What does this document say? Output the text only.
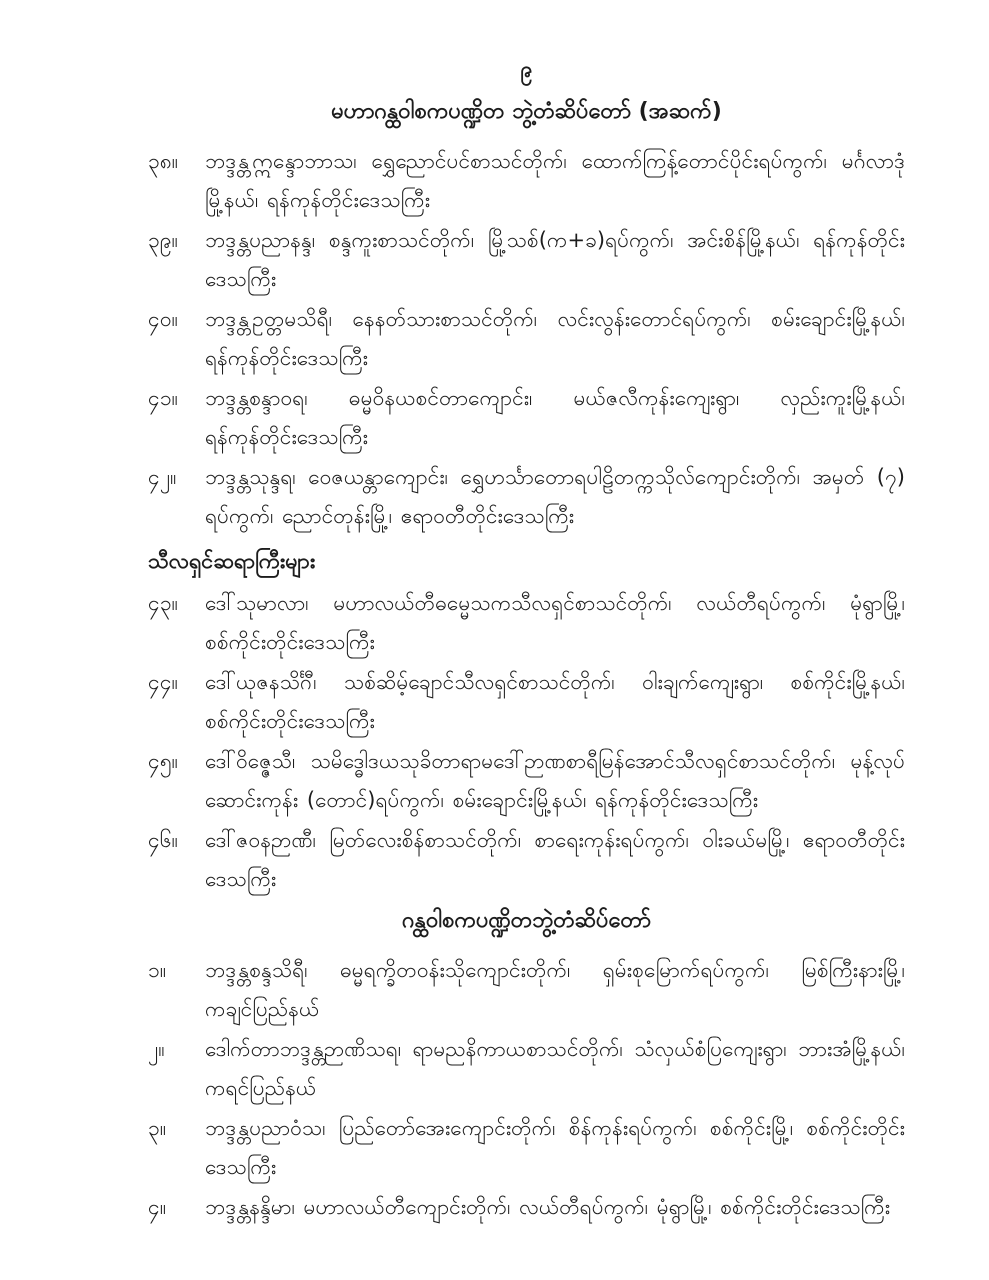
၉
မဟာဂန္ထဝါစကပဏ္ဍိတ ဘွဲ့တံဆိပ်တော် (အဆက်)
၃၈။	ဘဒ္ဒန္တဣန္ဒောဘာသ၊ ရွှေညောင်ပင်စာသင်တိုက်၊ ထောက်ကြန့်တောင်ပိုင်းရပ်ကွက်၊ မင်္ဂလာဒုံမြို့နယ်၊ ရန်ကုန်တိုင်းဒေသကြီး
၃၉။	ဘဒ္ဒန္တပညာနန္ဒ၊ စန္ဒကူးစာသင်တိုက်၊ မြို့သစ်(က+ခ)ရပ်ကွက်၊ အင်းစိန်မြို့နယ်၊ ရန်ကုန်တိုင်းဒေသကြီး
၄၀။	ဘဒ္ဒန္တဥတ္တမသိရီ၊ နေနတ်သားစာသင်တိုက်၊ လင်းလွန်းတောင်ရပ်ကွက်၊ စမ်းချောင်းမြို့နယ်၊ ရန်ကုန်တိုင်းဒေသကြီး
၄၁။	ဘဒ္ဒန္တစန္ဒာဝရ၊ ဓမ္မဝိနယစင်တာကျောင်း၊ မယ်ဇလီကုန်းကျေးရွာ၊ လှည်းကူးမြို့နယ်၊ ရန်ကုန်တိုင်းဒေသကြီး
၄၂။	ဘဒ္ဒန္တသုန္ဒရ၊ ဝေဇယန္တာကျောင်း၊ ရွှေဟင်္သာတောရပါဠိတက္ကသိုလ်ကျောင်းတိုက်၊ အမှတ် (၇) ရပ်ကွက်၊ ညောင်တုန်းမြို့၊ ဧရာဝတီတိုင်းဒေသကြီး
သီလရှင်ဆရာကြီးများ
၄၃။	ဒေါ်သုမာလာ၊ မဟာလယ်တီဓမ္မေသကသီလရှင်စာသင်တိုက်၊ လယ်တီရပ်ကွက်၊ မုံရွာမြို့၊ စစ်ကိုင်းတိုင်းဒေသကြီး
၄၄။	ဒေါ်ယုဇနသိင်္ဂီ၊ သစ်ဆိမ့်ချောင်သီလရှင်စာသင်တိုက်၊ ဝါးချက်ကျေးရွာ၊ စစ်ကိုင်းမြို့နယ်၊ စစ်ကိုင်းတိုင်းဒေသကြီး
၄၅။	ဒေါ်ဝိဇ္ဇေသီ၊ သမိဒ္ဓေါဒယသုခိတာရာမဒေါ်ဉာဏစာရီမြန်အောင်သီလရှင်စာသင်တိုက်၊ မုန့်လုပ်ဆောင်းကုန်း (တောင်)ရပ်ကွက်၊ စမ်းချောင်းမြို့နယ်၊ ရန်ကုန်တိုင်းဒေသကြီး
၄၆။	ဒေါ်ဇဝနဉာဏီ၊ မြတ်လေးစိန်စာသင်တိုက်၊ စာရေးကုန်းရပ်ကွက်၊ ဝါးခယ်မမြို့၊ ဧရာဝတီတိုင်းဒေသကြီး
ဂန္ထဝါစကပဏ္ဍိတဘွဲ့တံဆိပ်တော်
၁။	ဘဒ္ဒန္တစန္ဒသိရီ၊ ဓမ္မရက္ခိတဝန်းသိုကျောင်းတိုက်၊ ရှမ်းစုမြောက်ရပ်ကွက်၊ မြစ်ကြီးနားမြို့၊ ကချင်ပြည်နယ်
၂။	ဒေါက်တာဘဒ္ဒန္တဉာဏိသရ၊ ရာမညနိကာယစာသင်တိုက်၊ သံလှယ်စံပြကျေးရွာ၊ ဘားအံမြို့နယ်၊ ကရင်ပြည်နယ်
၃။	ဘဒ္ဒန္တပညာဝံသ၊ ပြည်တော်အေးကျောင်းတိုက်၊ စိန်ကုန်းရပ်ကွက်၊ စစ်ကိုင်းမြို့၊ စစ်ကိုင်းတိုင်းဒေသကြီး
၄။	ဘဒ္ဒန္တနန္ဒိမာ၊ မဟာလယ်တီကျောင်းတိုက်၊ လယ်တီရပ်ကွက်၊ မုံရွာမြို့၊ စစ်ကိုင်းတိုင်းဒေသကြီး
